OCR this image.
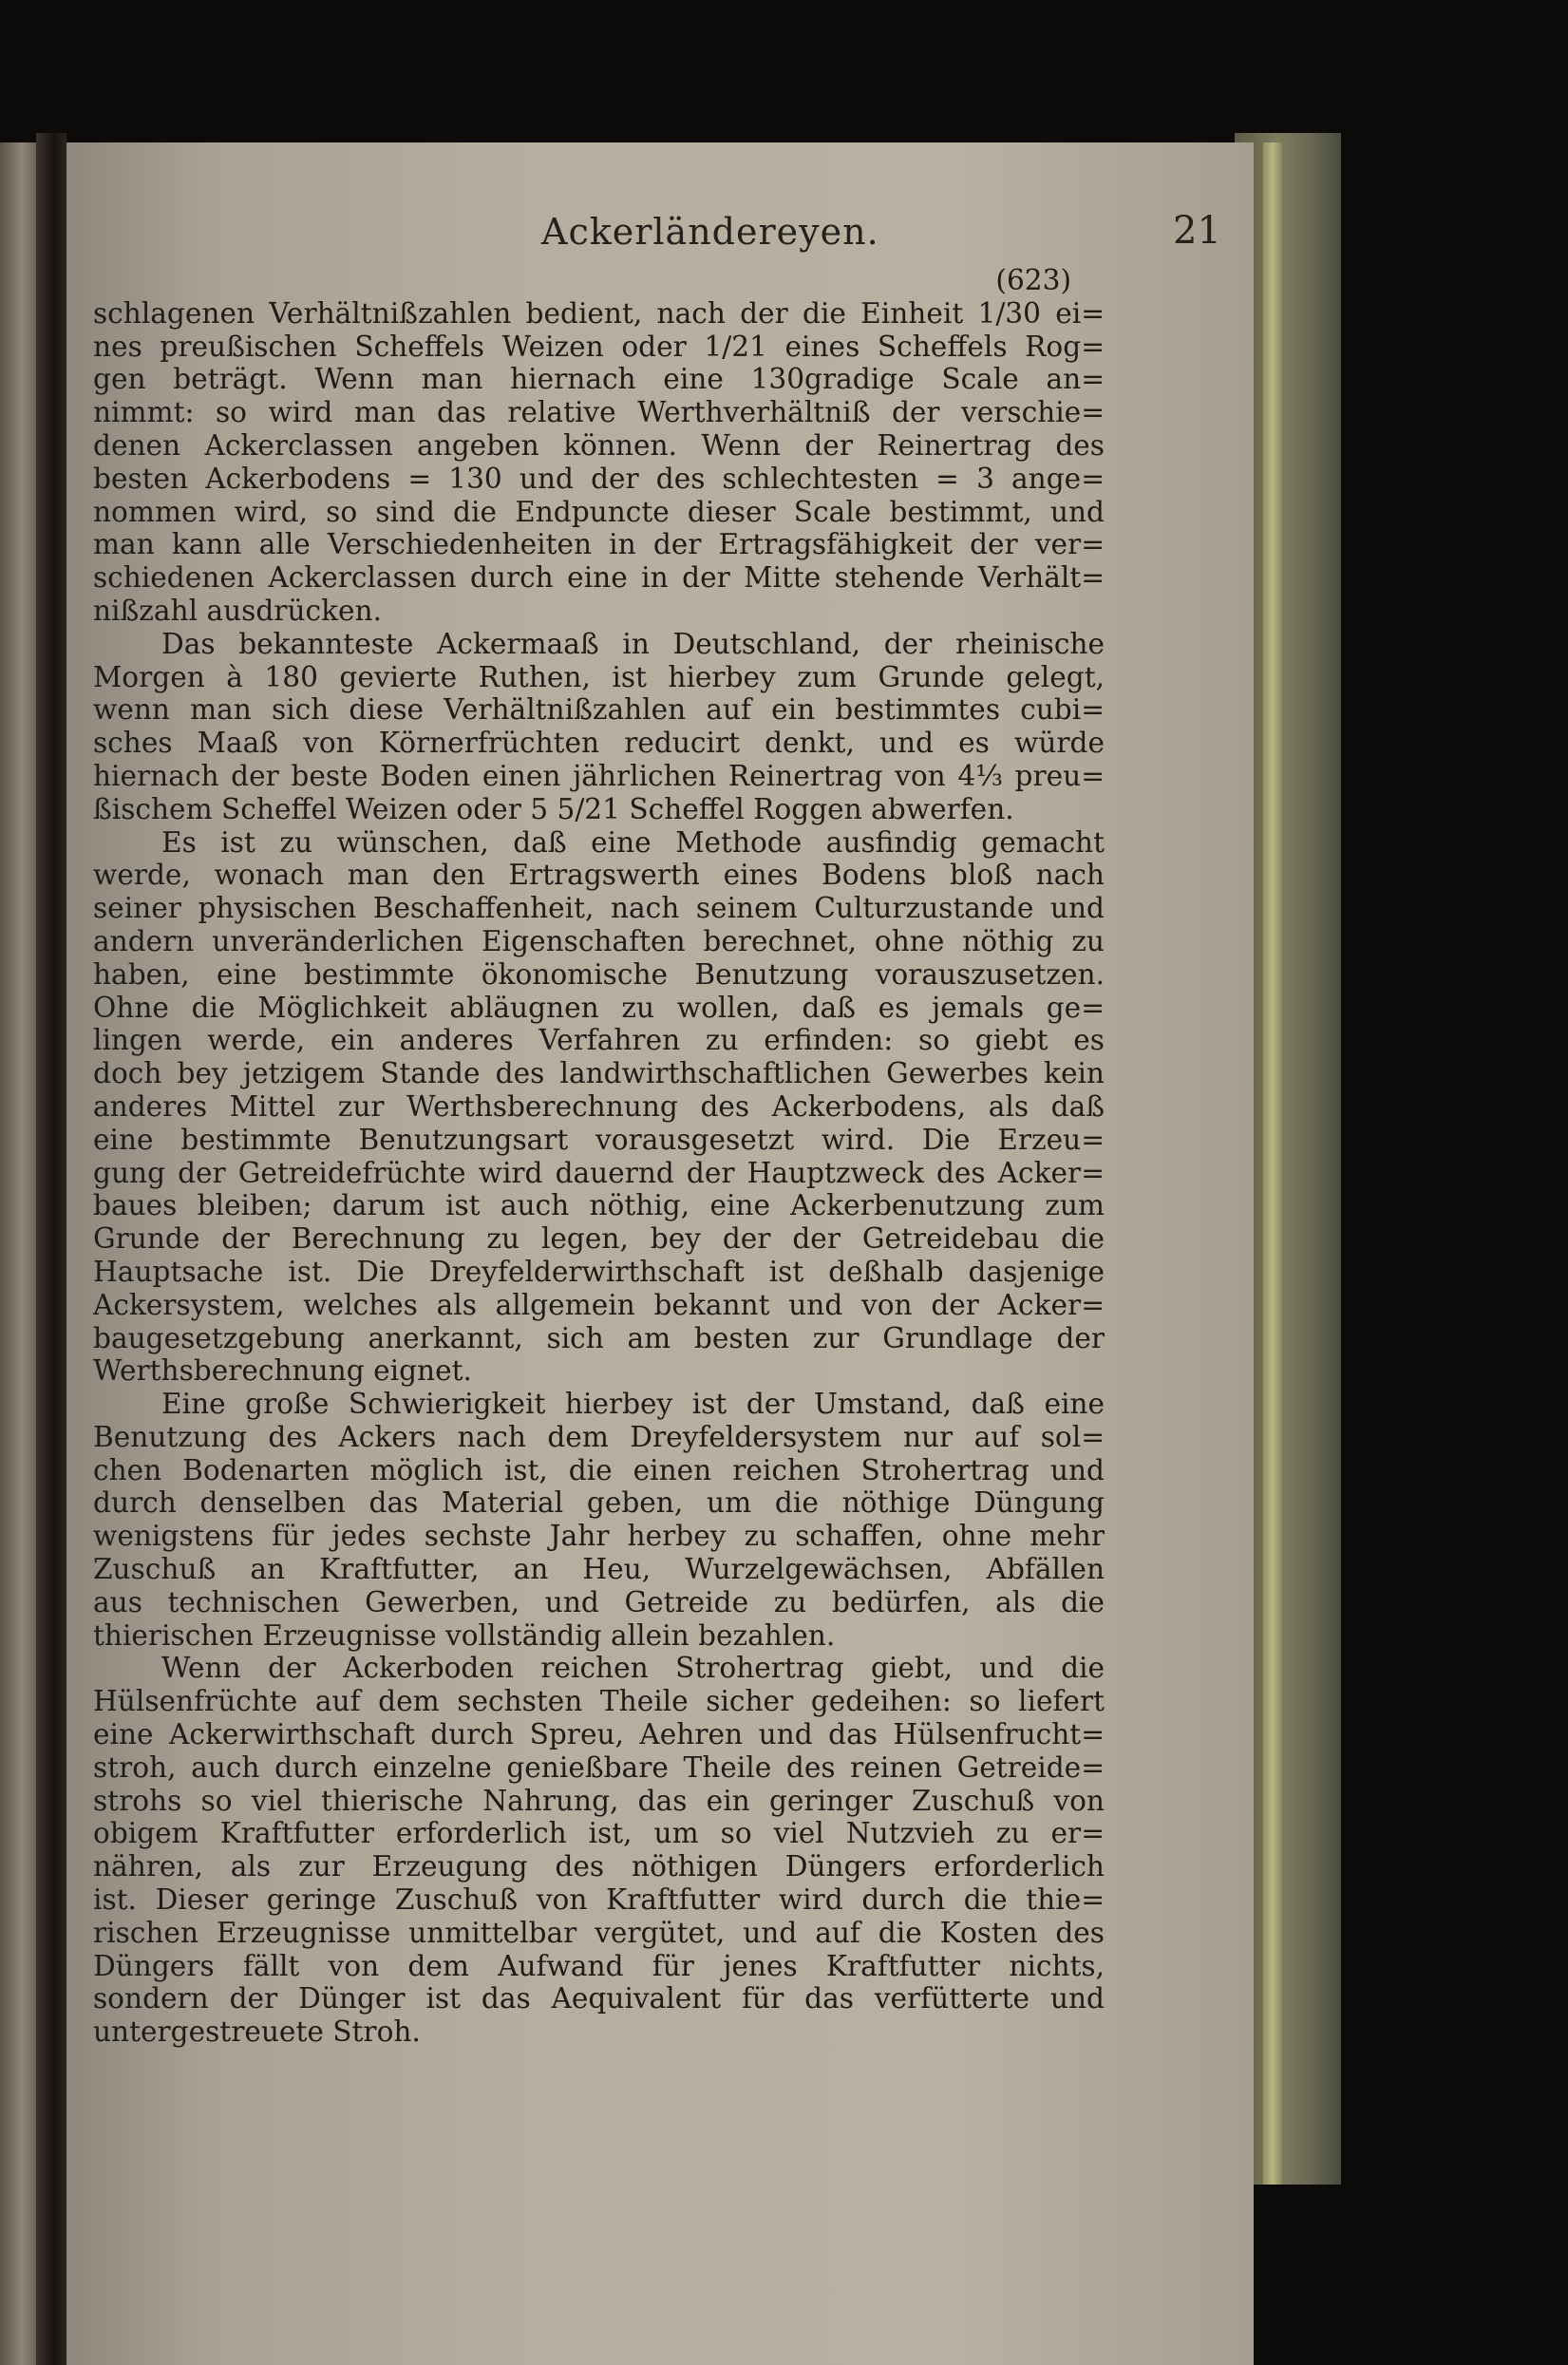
Ackerländereyen.	21
(623)
schlagenen Verhältnißzahlen bedient, nach der die Einheit 1/30 ei=
nes preußischen Scheffels Weizen oder 1/21 eines Scheffels Rog=
gen beträgt. Wenn man hiernach eine 130gradige Scale an=
nimmt: so wird man das relative Werthverhältniß der verschie=
denen Ackerclassen angeben können. Wenn der Reinertrag des
besten Ackerbodens = 130 und der des schlechtesten = 3 ange=
nommen wird, so sind die Endpuncte dieser Scale bestimmt, und
man kann alle Verschiedenheiten in der Ertragsfähigkeit der ver=
schiedenen Ackerclassen durch eine in der Mitte stehende Verhält=
nißzahl ausdrücken.
Das bekannteste Ackermaaß in Deutschland, der rheinische
Morgen à 180 gevierte Ruthen, ist hierbey zum Grunde gelegt,
wenn man sich diese Verhältnißzahlen auf ein bestimmtes cubi=
sches Maaß von Körnerfrüchten reducirt denkt, und es würde
hiernach der beste Boden einen jährlichen Reinertrag von 4⅓ preu=
ßischem Scheffel Weizen oder 5 5/21 Scheffel Roggen abwerfen.
Es ist zu wünschen, daß eine Methode ausfindig gemacht
werde, wonach man den Ertragswerth eines Bodens bloß nach
seiner physischen Beschaffenheit, nach seinem Culturzustande und
andern unveränderlichen Eigenschaften berechnet, ohne nöthig zu
haben, eine bestimmte ökonomische Benutzung vorauszusetzen.
Ohne die Möglichkeit abläugnen zu wollen, daß es jemals ge=
lingen werde, ein anderes Verfahren zu erfinden: so giebt es
doch bey jetzigem Stande des landwirthschaftlichen Gewerbes kein
anderes Mittel zur Werthsberechnung des Ackerbodens, als daß
eine bestimmte Benutzungsart vorausgesetzt wird. Die Erzeu=
gung der Getreidefrüchte wird dauernd der Hauptzweck des Acker=
baues bleiben; darum ist auch nöthig, eine Ackerbenutzung zum
Grunde der Berechnung zu legen, bey der der Getreidebau die
Hauptsache ist. Die Dreyfelderwirthschaft ist deßhalb dasjenige
Ackersystem, welches als allgemein bekannt und von der Acker=
baugesetzgebung anerkannt, sich am besten zur Grundlage der
Werthsberechnung eignet.
Eine große Schwierigkeit hierbey ist der Umstand, daß eine
Benutzung des Ackers nach dem Dreyfeldersystem nur auf sol=
chen Bodenarten möglich ist, die einen reichen Strohertrag und
durch denselben das Material geben, um die nöthige Düngung
wenigstens für jedes sechste Jahr herbey zu schaffen, ohne mehr
Zuschuß an Kraftfutter, an Heu, Wurzelgewächsen, Abfällen
aus technischen Gewerben, und Getreide zu bedürfen, als die
thierischen Erzeugnisse vollständig allein bezahlen.
Wenn der Ackerboden reichen Strohertrag giebt, und die
Hülsenfrüchte auf dem sechsten Theile sicher gedeihen: so liefert
eine Ackerwirthschaft durch Spreu, Aehren und das Hülsenfrucht=
stroh, auch durch einzelne genießbare Theile des reinen Getreide=
strohs so viel thierische Nahrung, das ein geringer Zuschuß von
obigem Kraftfutter erforderlich ist, um so viel Nutzvieh zu er=
nähren, als zur Erzeugung des nöthigen Düngers erforderlich
ist. Dieser geringe Zuschuß von Kraftfutter wird durch die thie=
rischen Erzeugnisse unmittelbar vergütet, und auf die Kosten des
Düngers fällt von dem Aufwand für jenes Kraftfutter nichts,
sondern der Dünger ist das Aequivalent für das verfütterte und
untergestreuete Stroh.
